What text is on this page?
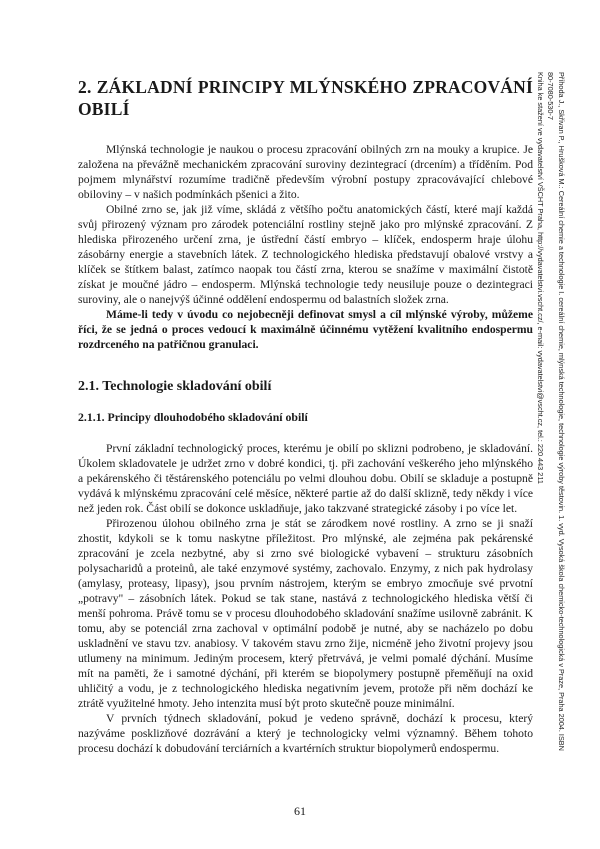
2. ZÁKLADNÍ PRINCIPY MLÝNSKÉHO ZPRACOVÁNÍ OBILÍ

Mlýnská technologie je naukou o procesu zpracování obilných zrn na mouky a krupice. Je založena na převážně mechanickém zpracování suroviny dezintegrací (drcením) a tříděním. Pod pojmem mlynářství rozumíme tradičně především výrobní postupy zpracovávající chlebové obiloviny – v našich podmínkách pšenici a žito.

Obilné zrno se, jak již víme, skládá z většího počtu anatomických částí, které mají každá svůj přirozený význam pro zárodek potenciální rostliny stejně jako pro mlýnské zpracování. Z hlediska přirozeného určení zrna, je ústřední částí embryo – klíček, endosperm hraje úlohu zásobárny energie a stavebních látek. Z technologického hlediska představují obalové vrstvy a klíček se štítkem balast, zatímco naopak tou částí zrna, kterou se snažíme v maximální čistotě získat je moučné jádro – endosperm. Mlýnská technologie tedy neusiluje pouze o dezintegraci suroviny, ale o nanejvýš účinné oddělení endospermu od balastních složek zrna.

Máme-li tedy v úvodu co nejobecněji definovat smysl a cíl mlýnské výroby, můžeme říci, že se jedná o proces vedoucí k maximálně účinnému vytěžení kvalitního endospermu rozdrceného na patřičnou granulaci.

2.1. Technologie skladování obilí
2.1.1. Principy dlouhodobého skladování obilí

První základní technologický proces, kterému je obilí po sklizni podrobeno, je skladování. Úkolem skladovatele je udržet zrno v dobré kondici, tj. při zachování veškerého jeho mlýnského a pekárenského či těstárenského potenciálu po velmi dlouhou dobu. Obilí se skladuje a postupně vydává k mlýnskému zpracování celé měsíce, některé partie až do další sklizně, tedy někdy i více než jeden rok. Část obilí se dokonce uskladňuje, jako takzvané strategické zásoby i po více let.

Přirozenou úlohou obilného zrna je stát se zárodkem nové rostliny. A zrno se ji snaží zhostit, kdykoli se k tomu naskytne příležitost. Pro mlýnské, ale zejména pak pekárenské zpracování je zcela nezbytné, aby si zrno své biologické vybavení – strukturu zásobních polysacharidů a proteinů, ale také enzymové systémy, zachovalo. Enzymy, z nich pak hydrolasy (amylasy, proteasy, lipasy), jsou prvním nástrojem, kterým se embryo zmocňuje své prvotní „potravy" – zásobních látek. Pokud se tak stane, nastává z technologického hlediska větší či menší pohroma. Právě tomu se v procesu dlouhodobého skladování snažíme usilovně zabránit. K tomu, aby se potenciál zrna zachoval v optimální podobě je nutné, aby se nacházelo po dobu uskladnění ve stavu tzv. anabiosy. V takovém stavu zrno žije, nicméně jeho životní projevy jsou utlumeny na minimum. Jediným procesem, který přetrvává, je velmi pomalé dýchání. Musíme mít na paměti, že i samotné dýchání, při kterém se biopolymery postupně přeměňují na oxid uhličitý a vodu, je z technologického hlediska negativním jevem, protože při něm dochází ke ztrátě využitelné hmoty. Jeho intenzita musí být proto skutečně pouze minimální.

V prvních týdnech skladování, pokud je vedeno správně, dochází k procesu, který nazýváme posklizňové dozrávání a který je technologicky velmi významný. Během tohoto procesu dochází k dobudování terciárních a kvartérních struktur biopolymerů endospermu.

61
Příhoda J., Skřivan P., Hrušková M.: Cereální chemie a technologie I. cereální chemie, mlýnská technologie, technologie výroby těstovin. 1. vyd. Vysoká škola chemicko-technologická v Praze, Praha 2004. ISBN
80-7080-530-7
Kniha ke stažení ve vydavatelství VŠCHT Praha, http://vydavatelstvi.vscht.cz/, e-mail: vydavatelstvi@vscht.cz, tel.: 220 443 211
